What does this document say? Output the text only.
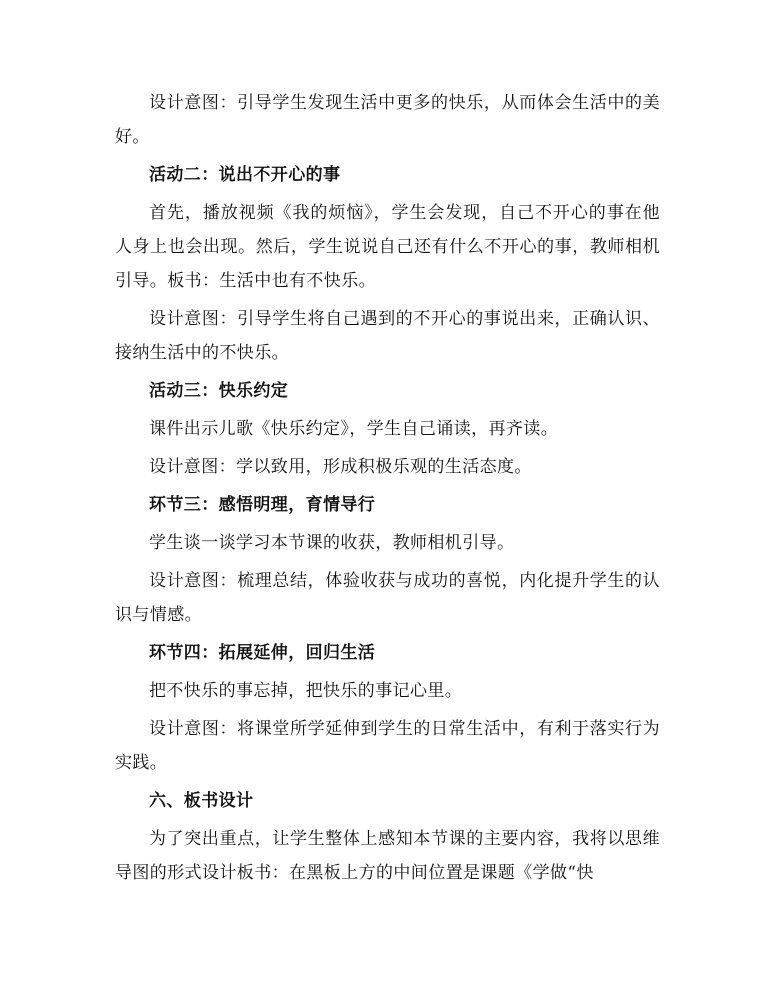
设计意图：引导学生发现生活中更多的快乐，从而体会生活中的美好。

活动二：说出不开心的事

首先，播放视频《我的烦恼》，学生会发现，自己不开心的事在他人身上也会出现。然后，学生说说自己还有什么不开心的事，教师相机引导。板书：生活中也有不快乐。

设计意图：引导学生将自己遇到的不开心的事说出来，正确认识、接纳生活中的不快乐。

活动三：快乐约定

课件出示儿歌《快乐约定》，学生自己诵读，再齐读。

设计意图：学以致用，形成积极乐观的生活态度。

环节三：感悟明理，育情导行

学生谈一谈学习本节课的收获，教师相机引导。

设计意图：梳理总结，体验收获与成功的喜悦，内化提升学生的认识与情感。

环节四：拓展延伸，回归生活

把不快乐的事忘掉，把快乐的事记心里。

设计意图：将课堂所学延伸到学生的日常生活中，有利于落实行为实践。

六、板书设计

为了突出重点，让学生整体上感知本节课的主要内容，我将以思维导图的形式设计板书：在黑板上方的中间位置是课题《学做“快
